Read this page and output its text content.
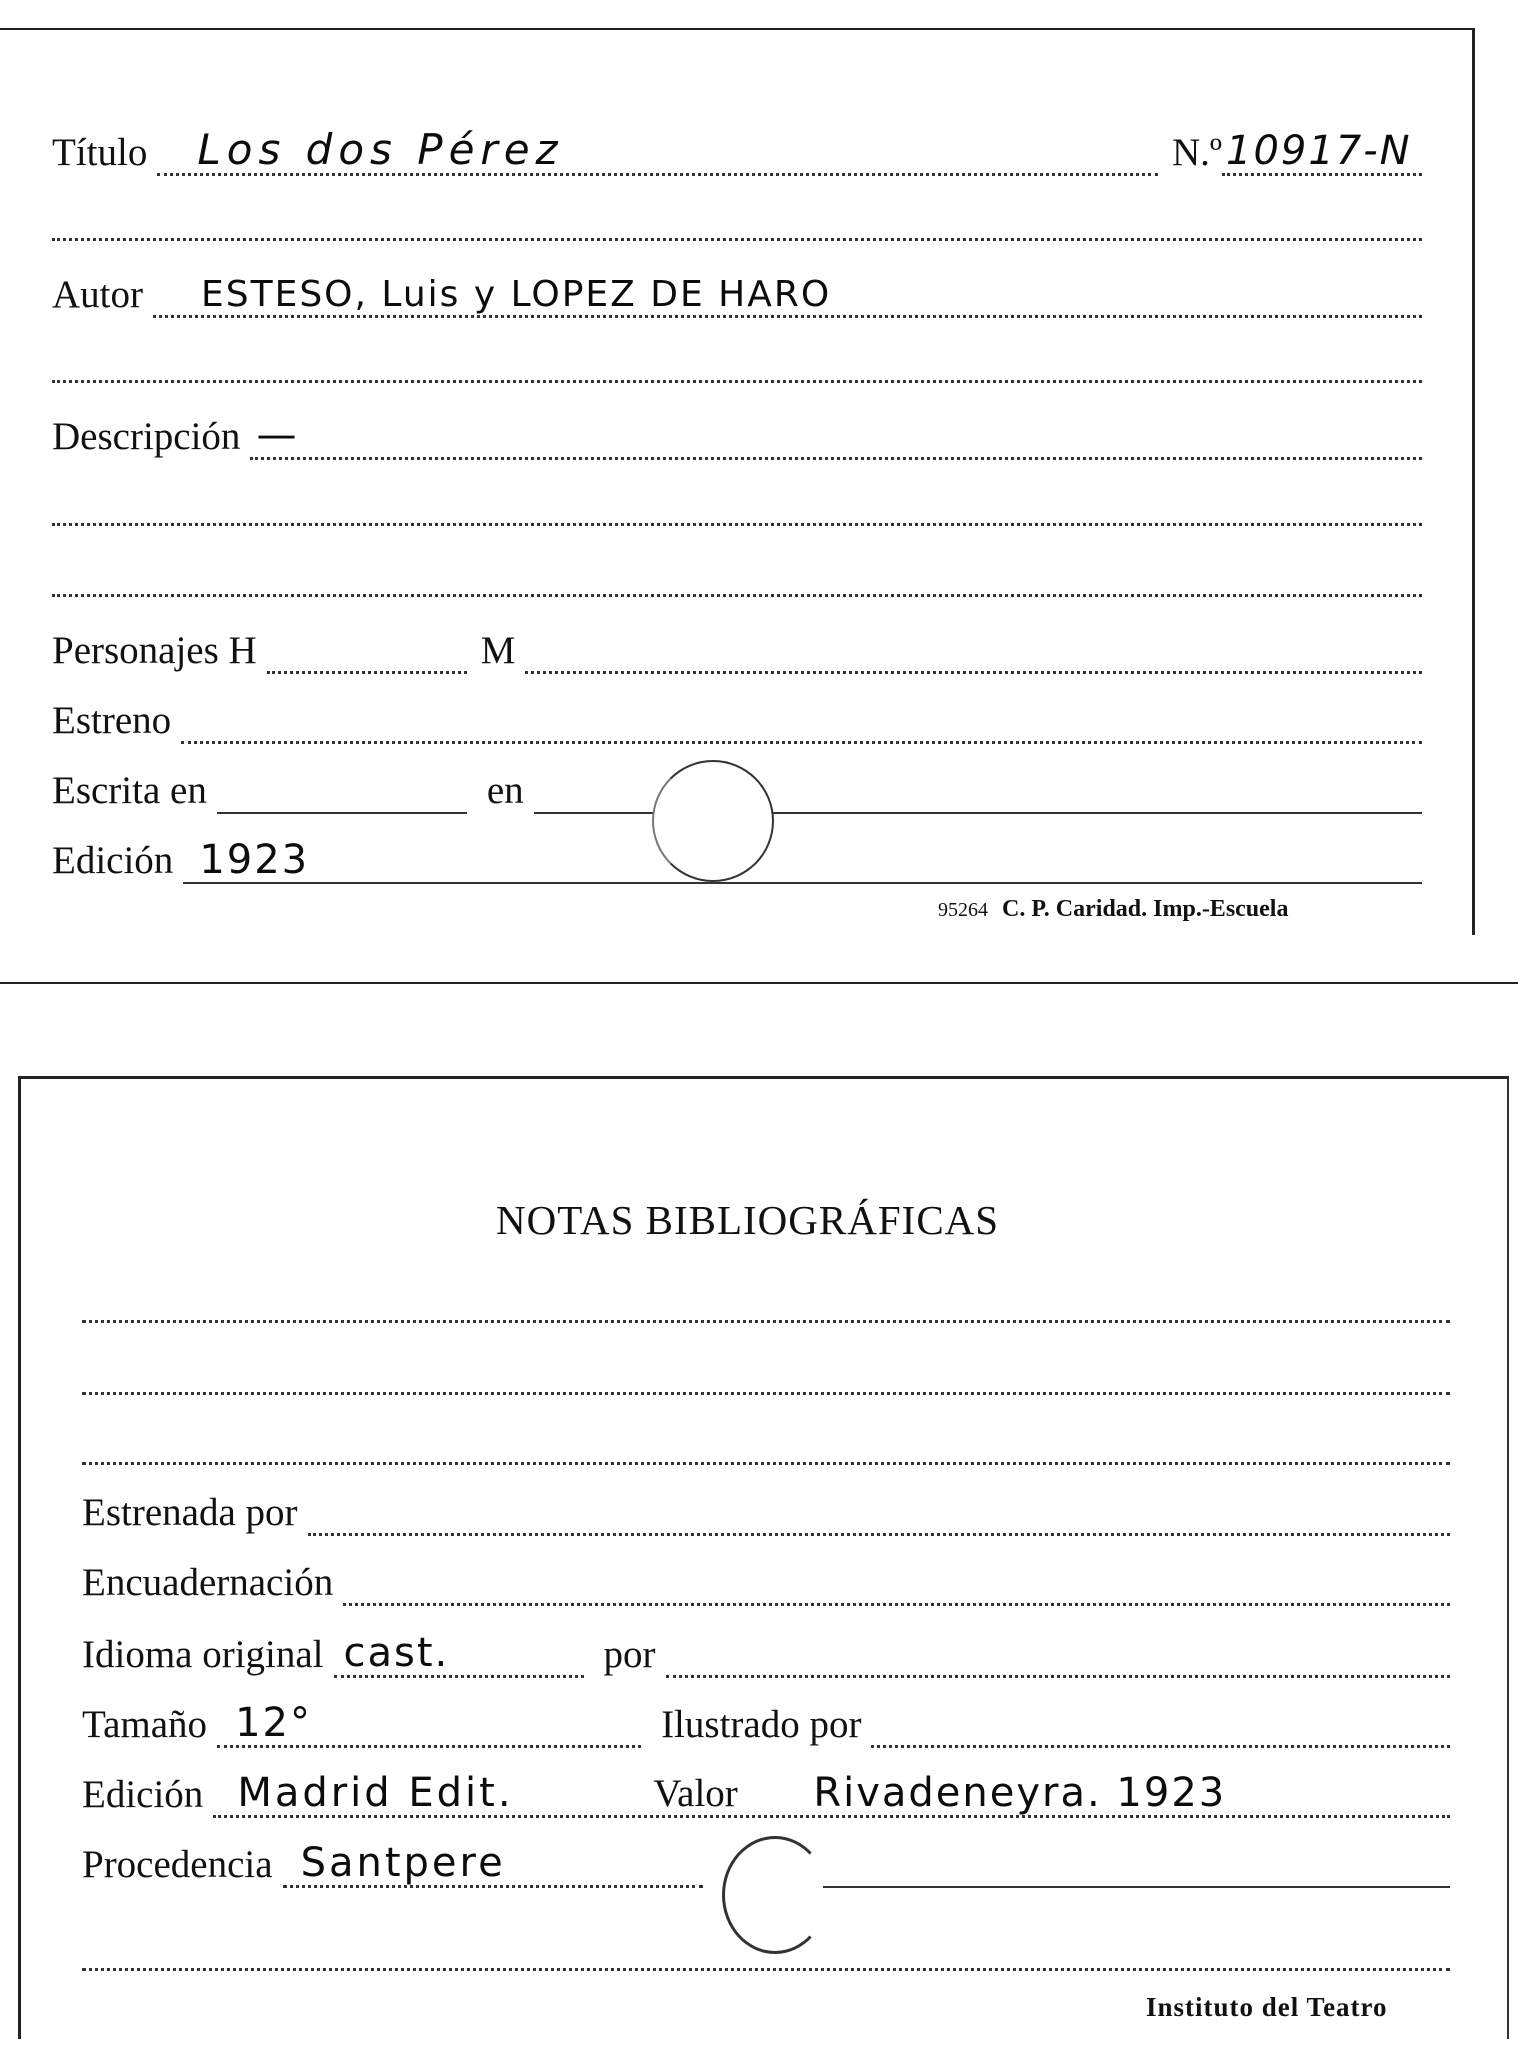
Título Los dos Pérez	N.º 10917-N
Autor ESTESO, Luis y LOPEZ DE HARO
Descripción —
Personajes H	M
Estreno
Escrita en	en
Edición 1923
95264 C. P. Caridad. Imp.-Escuela
NOTAS BIBLIOGRÁFICAS
Estrenada por
Encuadernación
Idioma original cast.	por
Tamaño 12°	Ilustrado por
Edición Madrid Edit.	Valor Rivadeneyra. 1923
Procedencia Santpere
Instituto del Teatro
